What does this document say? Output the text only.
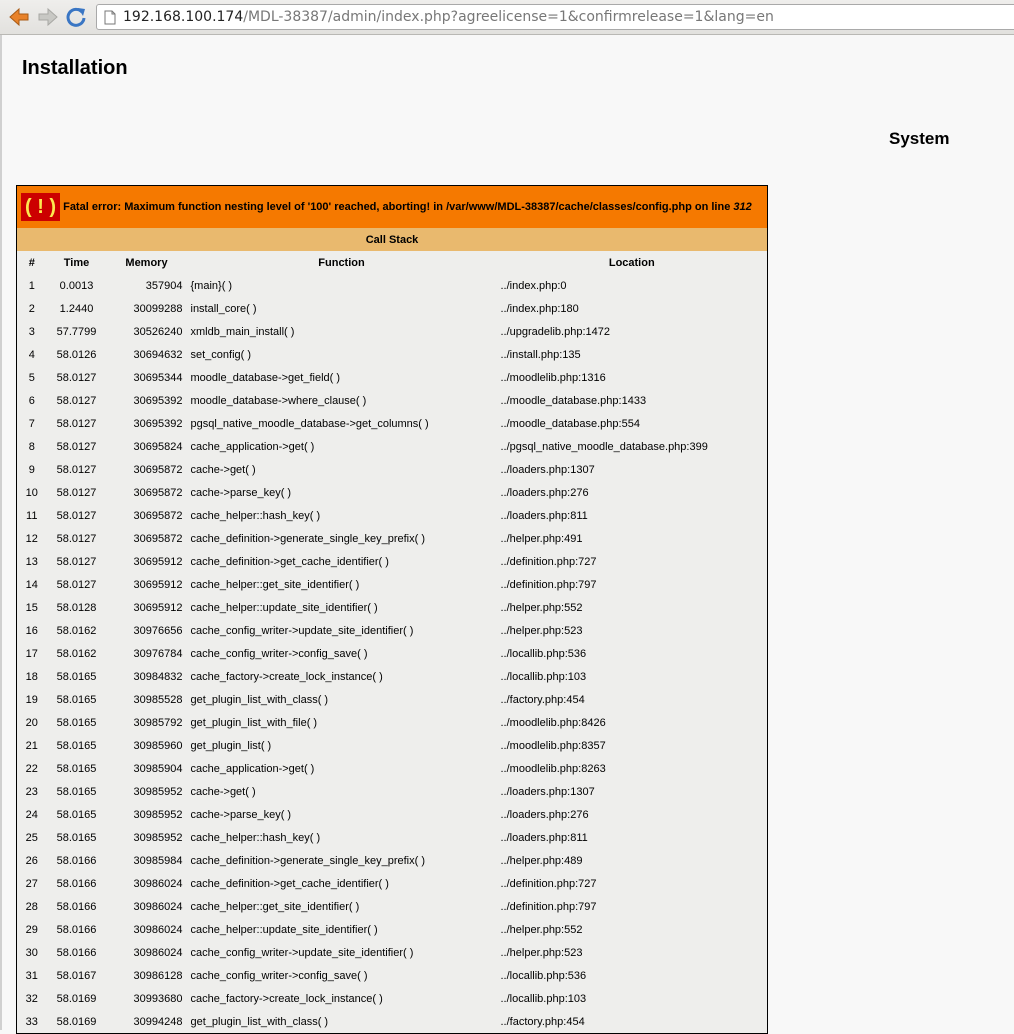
192.168.100.174/MDL-38387/admin/index.php?agreelicense=1&confirmrelease=1&lang=en
Installation
System
( ! ) Fatal error: Maximum function nesting level of '100' reached, aborting! in /var/www/MDL-38387/cache/classes/config.php on line 312				
Call Stack				
#	Time	Memory	Function	Location
1	0.0013	357904	{main}( )	../index.php:0
2	1.2440	30099288	install_core( )	../index.php:180
3	57.7799	30526240	xmldb_main_install( )	../upgradelib.php:1472
4	58.0126	30694632	set_config( )	../install.php:135
5	58.0127	30695344	moodle_database->get_field( )	../moodlelib.php:1316
6	58.0127	30695392	moodle_database->where_clause( )	../moodle_database.php:1433
7	58.0127	30695392	pgsql_native_moodle_database->get_columns( )	../moodle_database.php:554
8	58.0127	30695824	cache_application->get( )	../pgsql_native_moodle_database.php:399
9	58.0127	30695872	cache->get( )	../loaders.php:1307
10	58.0127	30695872	cache->parse_key( )	../loaders.php:276
11	58.0127	30695872	cache_helper::hash_key( )	../loaders.php:811
12	58.0127	30695872	cache_definition->generate_single_key_prefix( )	../helper.php:491
13	58.0127	30695912	cache_definition->get_cache_identifier( )	../definition.php:727
14	58.0127	30695912	cache_helper::get_site_identifier( )	../definition.php:797
15	58.0128	30695912	cache_helper::update_site_identifier( )	../helper.php:552
16	58.0162	30976656	cache_config_writer->update_site_identifier( )	../helper.php:523
17	58.0162	30976784	cache_config_writer->config_save( )	../locallib.php:536
18	58.0165	30984832	cache_factory->create_lock_instance( )	../locallib.php:103
19	58.0165	30985528	get_plugin_list_with_class( )	../factory.php:454
20	58.0165	30985792	get_plugin_list_with_file( )	../moodlelib.php:8426
21	58.0165	30985960	get_plugin_list( )	../moodlelib.php:8357
22	58.0165	30985904	cache_application->get( )	../moodlelib.php:8263
23	58.0165	30985952	cache->get( )	../loaders.php:1307
24	58.0165	30985952	cache->parse_key( )	../loaders.php:276
25	58.0165	30985952	cache_helper::hash_key( )	../loaders.php:811
26	58.0166	30985984	cache_definition->generate_single_key_prefix( )	../helper.php:489
27	58.0166	30986024	cache_definition->get_cache_identifier( )	../definition.php:727
28	58.0166	30986024	cache_helper::get_site_identifier( )	../definition.php:797
29	58.0166	30986024	cache_helper::update_site_identifier( )	../helper.php:552
30	58.0166	30986024	cache_config_writer->update_site_identifier( )	../helper.php:523
31	58.0167	30986128	cache_config_writer->config_save( )	../locallib.php:536
32	58.0169	30993680	cache_factory->create_lock_instance( )	../locallib.php:103
33	58.0169	30994248	get_plugin_list_with_class( )	../factory.php:454
